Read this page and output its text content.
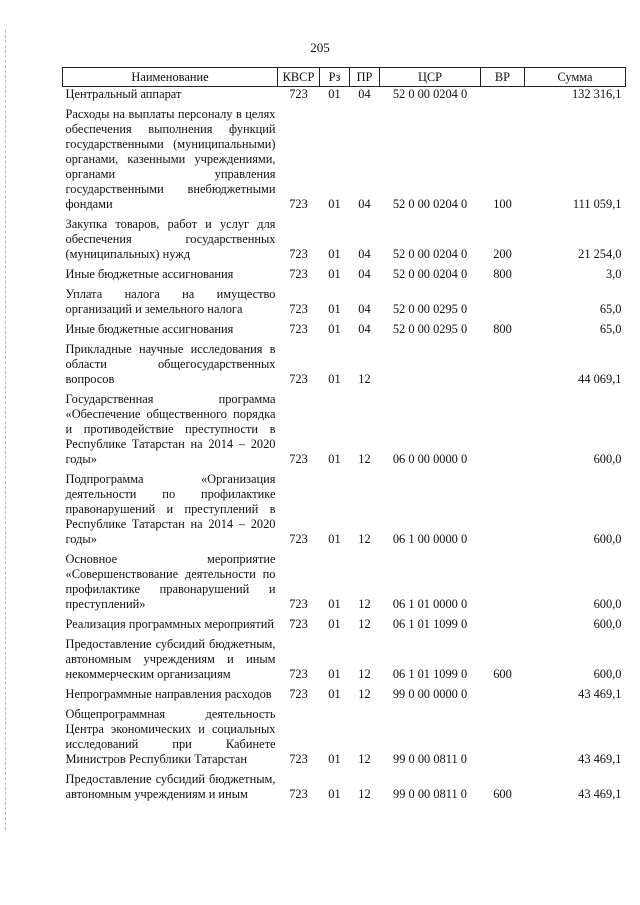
205
Наименование	КВСР	Рз	ПР	ЦСР	ВР	Сумма
Центральный аппарат	723	01	04	52 0 00 0204 0		132 316,1
Расходы на выплаты персоналу в целях обеспечения выполнения функций государственными (муниципальными) органами, казенными учреждениями, органами управления государственными внебюджетными фондами	723	01	04	52 0 00 0204 0	100	111 059,1
Закупка товаров, работ и услуг для обеспечения государственных (муниципальных) нужд	723	01	04	52 0 00 0204 0	200	21 254,0
Иные бюджетные ассигнования	723	01	04	52 0 00 0204 0	800	3,0
Уплата налога на имущество организаций и земельного налога	723	01	04	52 0 00 0295 0		65,0
Иные бюджетные ассигнования	723	01	04	52 0 00 0295 0	800	65,0
Прикладные научные исследования в области общегосударственных вопросов	723	01	12			44 069,1
Государственная программа «Обеспечение общественного порядка и противодействие преступности в Республике Татарстан на 2014 – 2020 годы»	723	01	12	06 0 00 0000 0		600,0
Подпрограмма «Организация деятельности по профилактике правонарушений и преступлений в Республике Татарстан на 2014 – 2020 годы»	723	01	12	06 1 00 0000 0		600,0
Основное мероприятие «Совершенствование деятельности по профилактике правонарушений и преступлений»	723	01	12	06 1 01 0000 0		600,0
Реализация программных мероприятий	723	01	12	06 1 01 1099 0		600,0
Предоставление субсидий бюджетным, автономным учреждениям и иным некоммерческим организациям	723	01	12	06 1 01 1099 0	600	600,0
Непрограммные направления расходов	723	01	12	99 0 00 0000 0		43 469,1
Общепрограммная деятельность Центра экономических и социальных исследований при Кабинете Министров Республики Татарстан	723	01	12	99 0 00 0811 0		43 469,1
Предоставление субсидий бюджетным, автономным учреждениям и иным	723	01	12	99 0 00 0811 0	600	43 469,1
